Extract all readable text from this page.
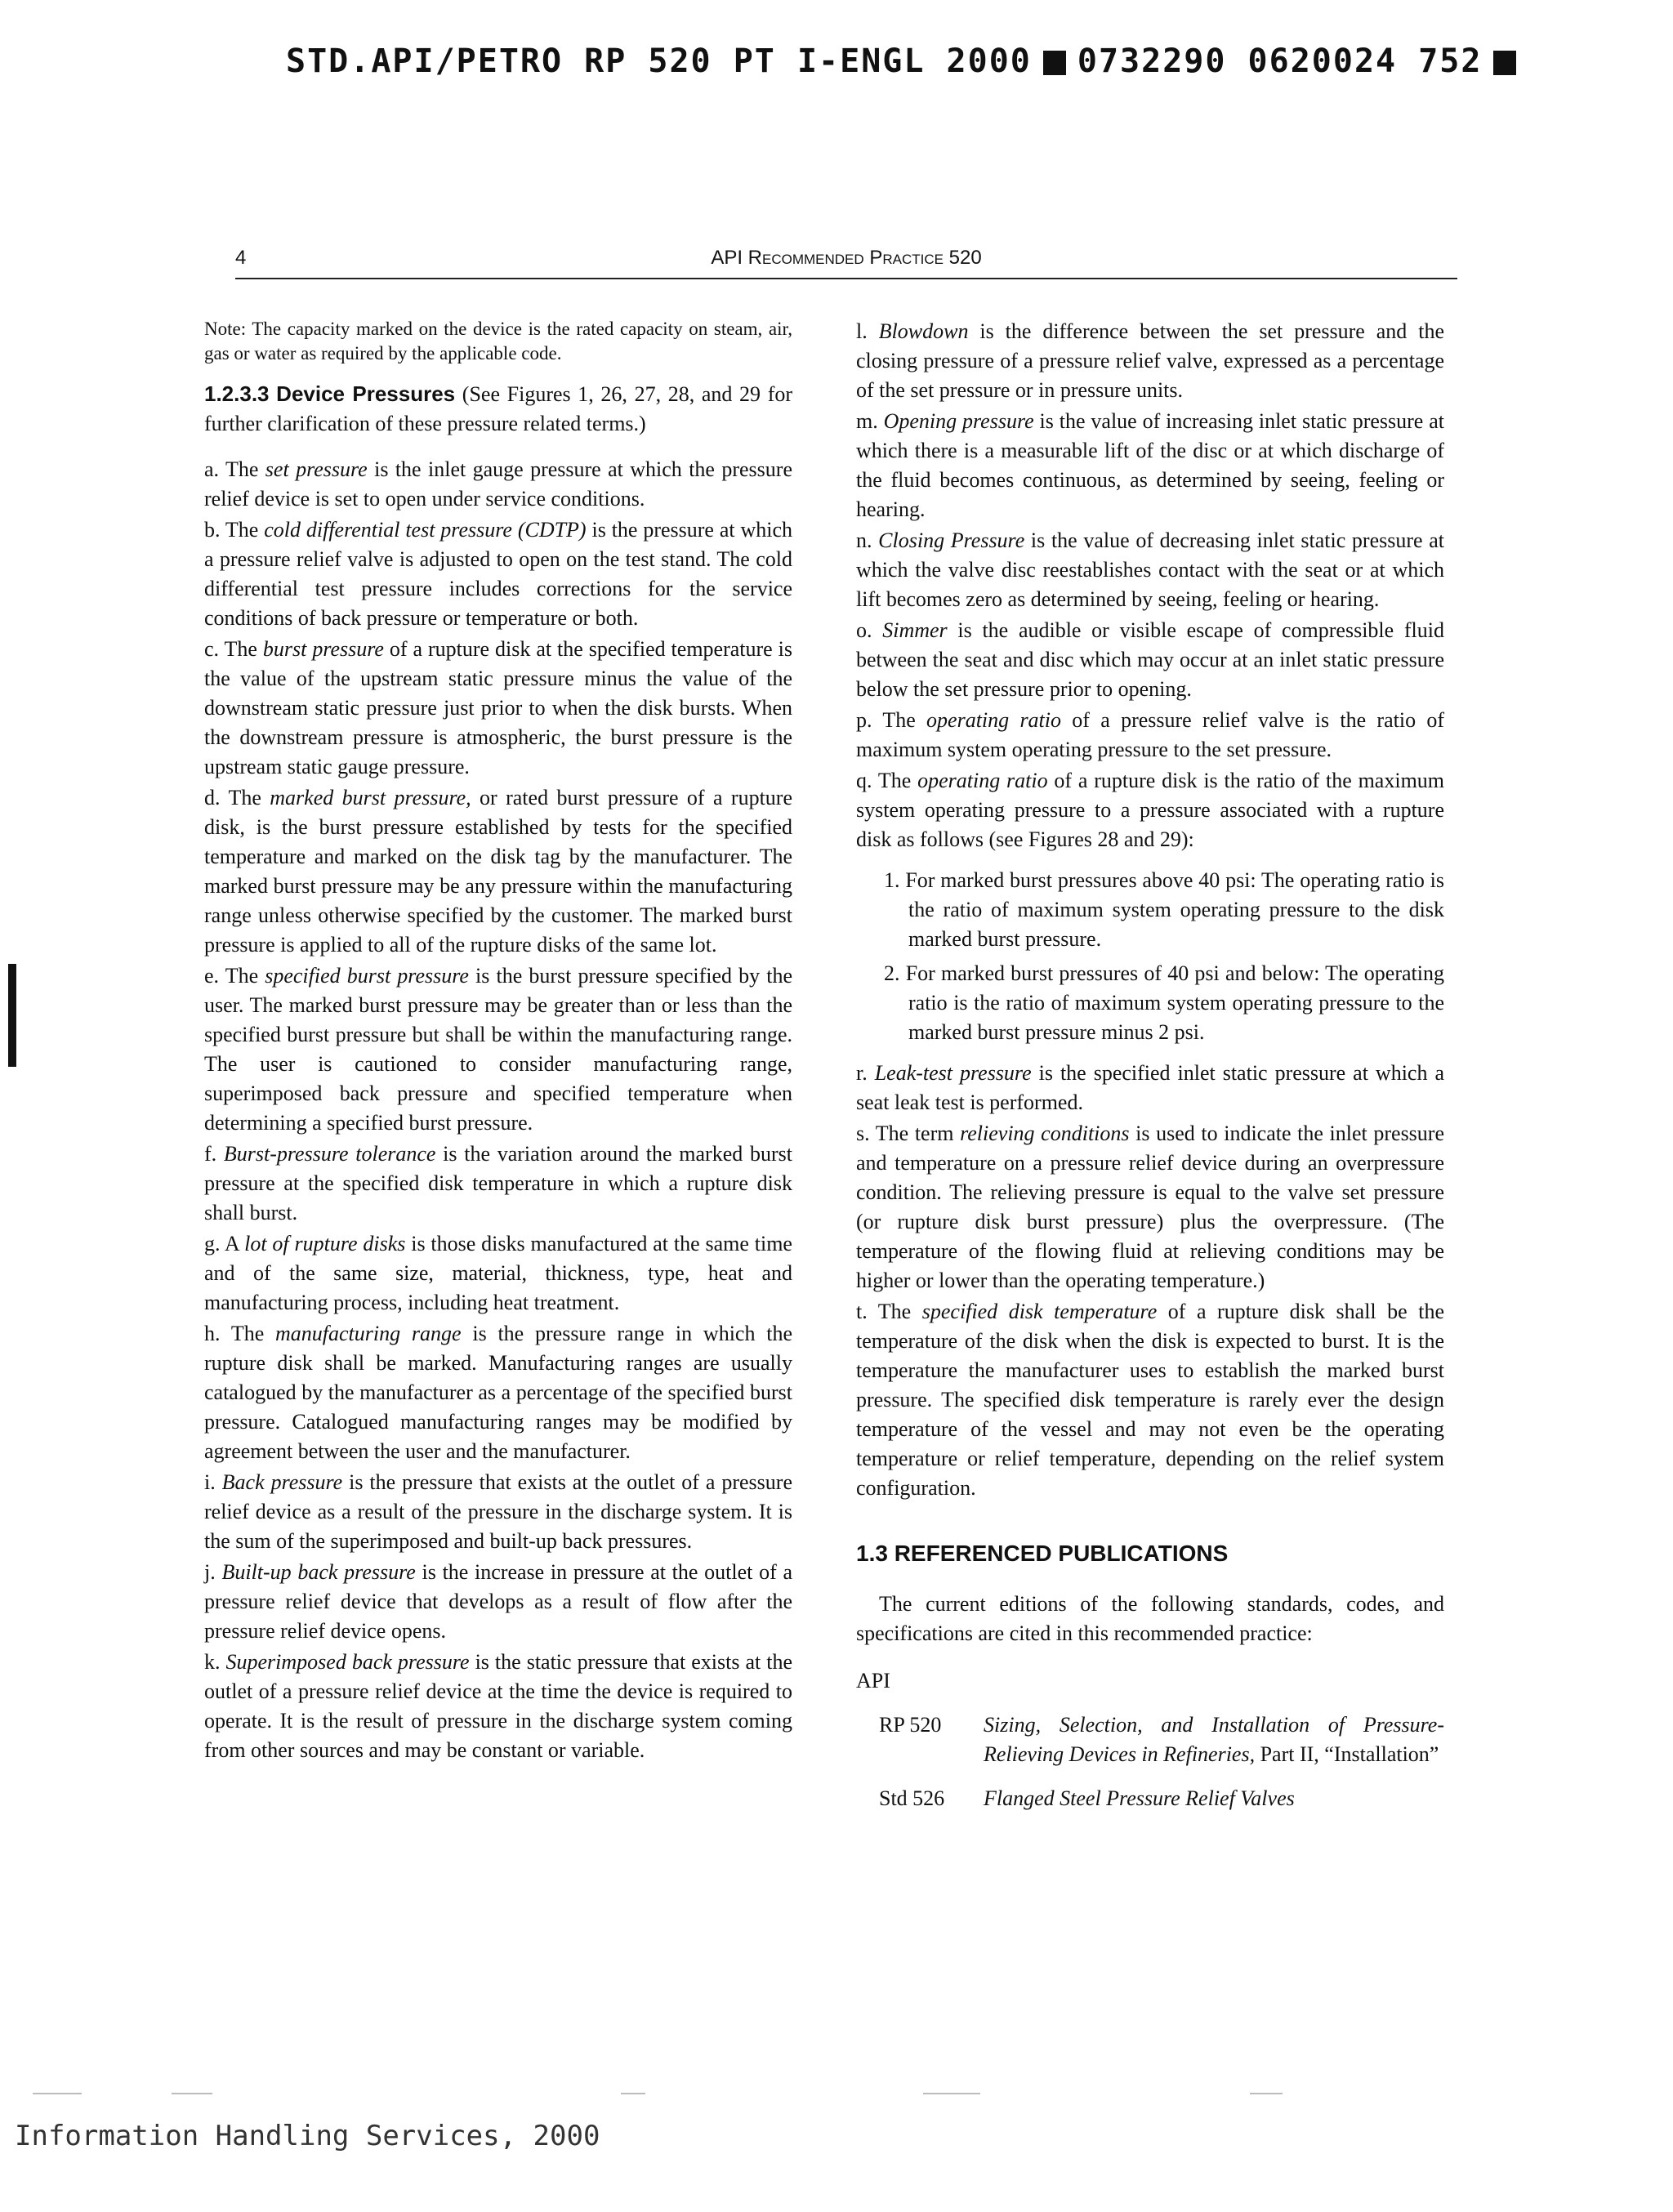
STD.API/PETRO RP 520 PT I-ENGL 2000 0732290 0620024 752
4	API Recommended Practice 520

Note: The capacity marked on the device is the rated capacity on steam, air, gas or water as required by the applicable code.

1.2.3.3 Device Pressures (See Figures 1, 26, 27, 28, and 29 for further clarification of these pressure related terms.)

a. The set pressure is the inlet gauge pressure at which the pressure relief device is set to open under service conditions.

b. The cold differential test pressure (CDTP) is the pressure at which a pressure relief valve is adjusted to open on the test stand. The cold differential test pressure includes corrections for the service conditions of back pressure or temperature or both.

c. The burst pressure of a rupture disk at the specified temperature is the value of the upstream static pressure minus the value of the downstream static pressure just prior to when the disk bursts. When the downstream pressure is atmospheric, the burst pressure is the upstream static gauge pressure.

d. The marked burst pressure, or rated burst pressure of a rupture disk, is the burst pressure established by tests for the specified temperature and marked on the disk tag by the manufacturer. The marked burst pressure may be any pressure within the manufacturing range unless otherwise specified by the customer. The marked burst pressure is applied to all of the rupture disks of the same lot.

e. The specified burst pressure is the burst pressure specified by the user. The marked burst pressure may be greater than or less than the specified burst pressure but shall be within the manufacturing range. The user is cautioned to consider manufacturing range, superimposed back pressure and specified temperature when determining a specified burst pressure.

f. Burst-pressure tolerance is the variation around the marked burst pressure at the specified disk temperature in which a rupture disk shall burst.

g. A lot of rupture disks is those disks manufactured at the same time and of the same size, material, thickness, type, heat and manufacturing process, including heat treatment.

h. The manufacturing range is the pressure range in which the rupture disk shall be marked. Manufacturing ranges are usually catalogued by the manufacturer as a percentage of the specified burst pressure. Catalogued manufacturing ranges may be modified by agreement between the user and the manufacturer.

i. Back pressure is the pressure that exists at the outlet of a pressure relief device as a result of the pressure in the discharge system. It is the sum of the superimposed and built-up back pressures.

j. Built-up back pressure is the increase in pressure at the outlet of a pressure relief device that develops as a result of flow after the pressure relief device opens.

k. Superimposed back pressure is the static pressure that exists at the outlet of a pressure relief device at the time the device is required to operate. It is the result of pressure in the discharge system coming from other sources and may be constant or variable.

l. Blowdown is the difference between the set pressure and the closing pressure of a pressure relief valve, expressed as a percentage of the set pressure or in pressure units.

m. Opening pressure is the value of increasing inlet static pressure at which there is a measurable lift of the disc or at which discharge of the fluid becomes continuous, as determined by seeing, feeling or hearing.

n. Closing Pressure is the value of decreasing inlet static pressure at which the valve disc reestablishes contact with the seat or at which lift becomes zero as determined by seeing, feeling or hearing.

o. Simmer is the audible or visible escape of compressible fluid between the seat and disc which may occur at an inlet static pressure below the set pressure prior to opening.

p. The operating ratio of a pressure relief valve is the ratio of maximum system operating pressure to the set pressure.

q. The operating ratio of a rupture disk is the ratio of the maximum system operating pressure to a pressure associated with a rupture disk as follows (see Figures 28 and 29):

1. For marked burst pressures above 40 psi: The operating ratio is the ratio of maximum system operating pressure to the disk marked burst pressure.

2. For marked burst pressures of 40 psi and below: The operating ratio is the ratio of maximum system operating pressure to the marked burst pressure minus 2 psi.

r. Leak-test pressure is the specified inlet static pressure at which a seat leak test is performed.

s. The term relieving conditions is used to indicate the inlet pressure and temperature on a pressure relief device during an overpressure condition. The relieving pressure is equal to the valve set pressure (or rupture disk burst pressure) plus the overpressure. (The temperature of the flowing fluid at relieving conditions may be higher or lower than the operating temperature.)

t. The specified disk temperature of a rupture disk shall be the temperature of the disk when the disk is expected to burst. It is the temperature the manufacturer uses to establish the marked burst pressure. The specified disk temperature is rarely ever the design temperature of the vessel and may not even be the operating temperature or relief temperature, depending on the relief system configuration.

1.3 REFERENCED PUBLICATIONS

The current editions of the following standards, codes, and specifications are cited in this recommended practice:

API

RP 520	Sizing, Selection, and Installation of Pressure-Relieving Devices in Refineries, Part II, “Installation”
Std 526	Flanged Steel Pressure Relief Valves
Information Handling Services, 2000
